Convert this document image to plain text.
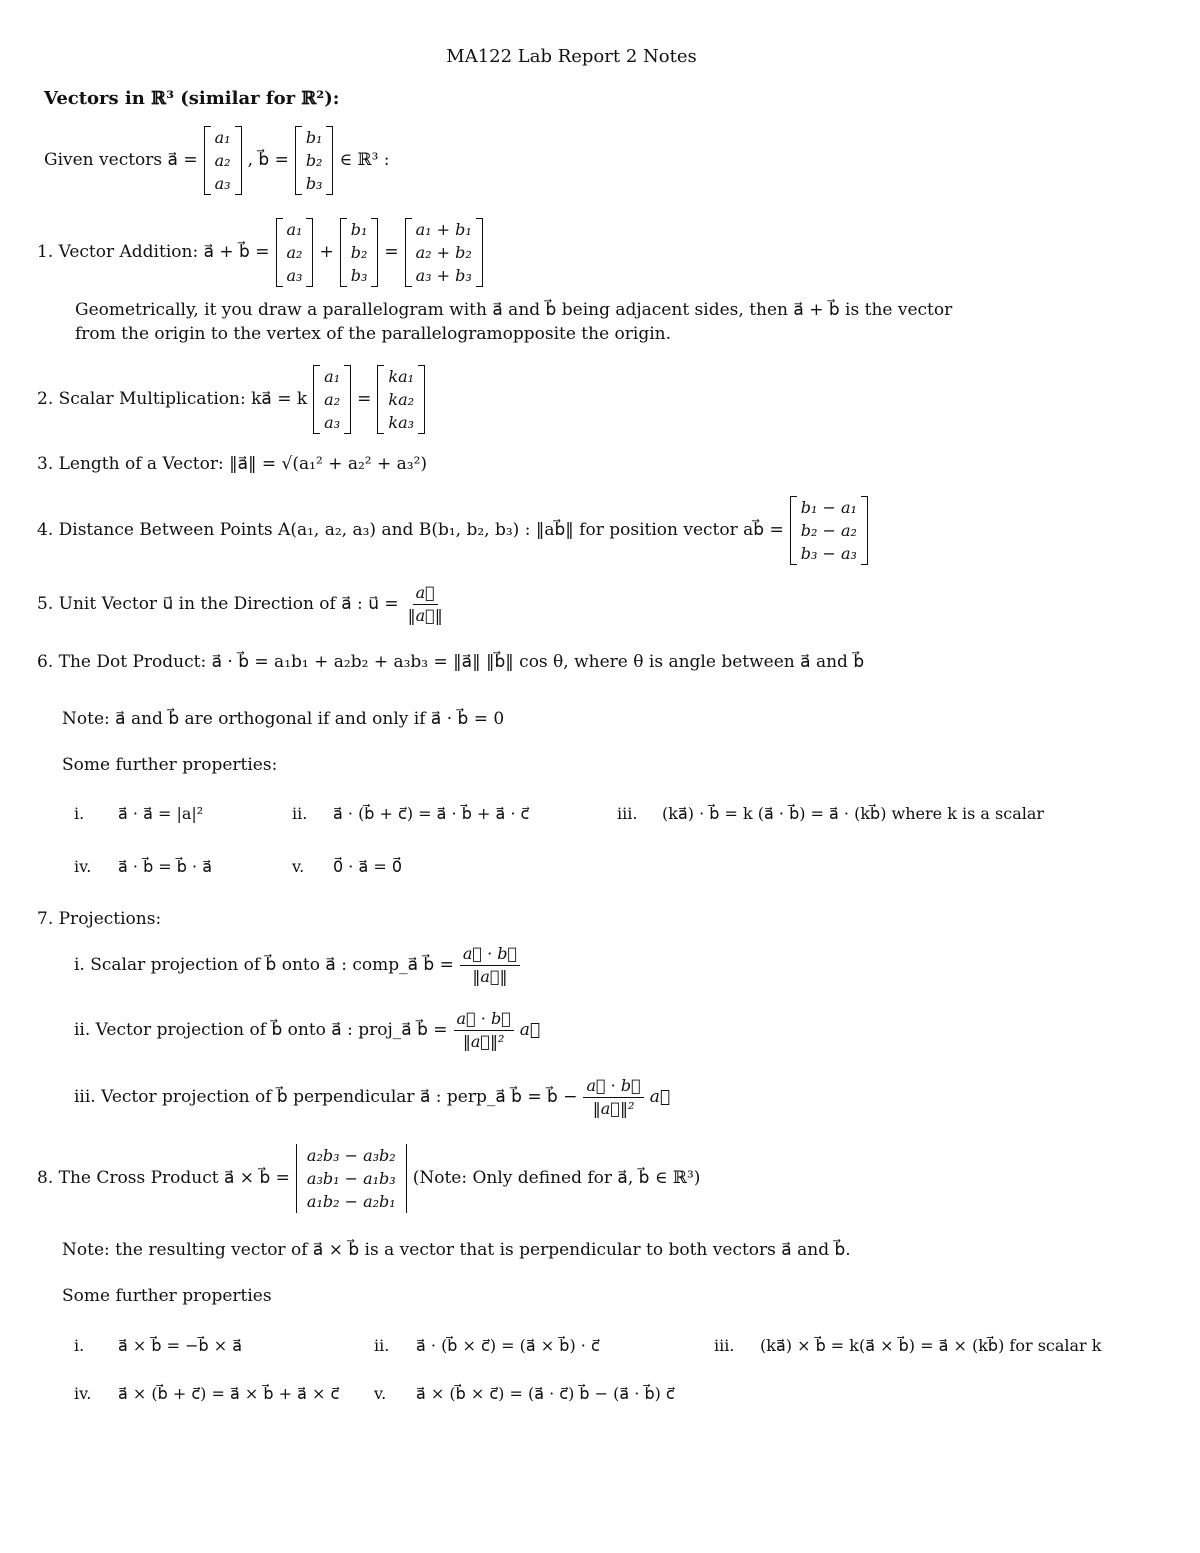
MA122 Lab Report 2 Notes
Vectors in ℝ³ (similar for ℝ²):
Given vectors a⃗ =
a₁
a₂
a₃
, b⃗ =
b₁
b₂
b₃
∈ ℝ³ :
1. Vector Addition: a⃗ + b⃗ =
a₁
a₂
a₃
+
b₁
b₂
b₃
=
a₁ + b₁
a₂ + b₂
a₃ + b₃
Geometrically, it you draw a parallelogram with a⃗ and b⃗ being adjacent sides, then a⃗ + b⃗ is the vector
from the origin to the vertex of the parallelogramopposite the origin.
2. Scalar Multiplication: ka⃗ = k
a₁
a₂
a₃
=
ka₁
ka₂
ka₃
3. Length of a Vector: ‖a⃗‖ = √(a₁² + a₂² + a₃²)
4. Distance Between Points A(a₁, a₂, a₃) and B(b₁, b₂, b₃) : ‖ab⃗‖ for position vector ab⃗ =
b₁ − a₁
b₂ − a₂
b₃ − a₃
5. Unit Vector u⃗ in the Direction of a⃗ : u⃗ = $\frac{a⃗}{‖a⃗‖}$
6. The Dot Product: a⃗ · b⃗ = a₁b₁ + a₂b₂ + a₃b₃ = ‖a⃗‖ ‖b⃗‖ cos θ, where θ is angle between a⃗ and b⃗
Note: a⃗ and b⃗ are orthogonal if and only if a⃗ · b⃗ = 0
Some further properties:
i. a⃗ · a⃗ = |a|²	ii. a⃗ · (b⃗ + c⃗) = a⃗ · b⃗ + a⃗ · c⃗	iii. (ka⃗) · b⃗ = k (a⃗ · b⃗) = a⃗ · (kb⃗) where k is a scalar
iv. a⃗ · b⃗ = b⃗ · a⃗	v. 0⃗ · a⃗ = 0⃗
7. Projections:
i. Scalar projection of b⃗ onto a⃗ : comp_a⃗ b⃗ = $\frac{a⃗ \cdot b⃗}{‖a⃗‖}$
ii. Vector projection of b⃗ onto a⃗ : proj_a⃗ b⃗ = $\frac{a⃗ \cdot b⃗}{\text{‖a⃗‖²}}$ a⃗
iii. Vector projection of b⃗ perpendicular a⃗ : perp_a⃗ b⃗ = b⃗ − $\frac{a⃗ \cdot b⃗}{\text{‖a⃗‖²}}$ a⃗
8. The Cross Product a⃗ × b⃗ =
a₂b₃ − a₃b₂
a₃b₁ − a₁b₃
a₁b₂ − a₂b₁
(Note: Only defined for a⃗, b⃗ ∈ ℝ³)
Note: the resulting vector of a⃗ × b⃗ is a vector that is perpendicular to both vectors a⃗ and b⃗.
Some further properties
i. a⃗ × b⃗ = −b⃗ × a⃗	ii. a⃗ · (b⃗ × c⃗) = (a⃗ × b⃗) · c⃗	iii. (ka⃗) × b⃗ = k(a⃗ × b⃗) = a⃗ × (kb⃗) for scalar k
iv. a⃗ × (b⃗ + c⃗) = a⃗ × b⃗ + a⃗ × c⃗ v. a⃗ × (b⃗ × c⃗) = (a⃗ · c⃗) b⃗ − (a⃗ · b⃗) c⃗
